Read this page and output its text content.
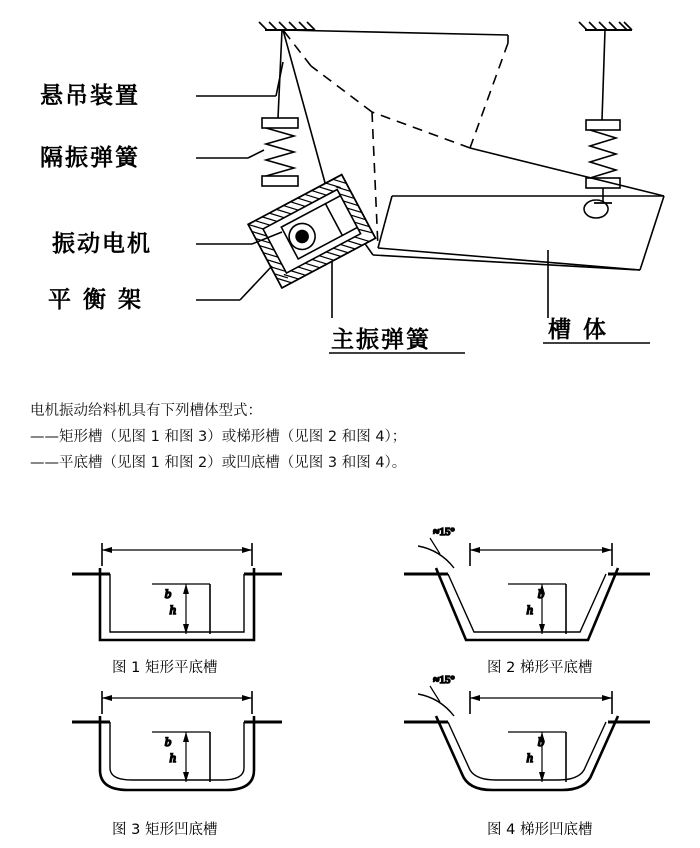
悬吊装置
隔振弹簧
振动电机
平 衡 架
主振弹簧	槽 体
电机振动给料机具有下列槽体型式：
——矩形槽（见图 1 和图 3）或梯形槽（见图 2 和图 4）；
——平底槽（见图 1 和图 2）或凹底槽（见图 3 和图 4）。
b
h
b
h
≈15°
b
h
b
h
≈15°
图 1 矩形平底槽	图 2 梯形平底槽
图 3 矩形凹底槽	图 4 梯形凹底槽
